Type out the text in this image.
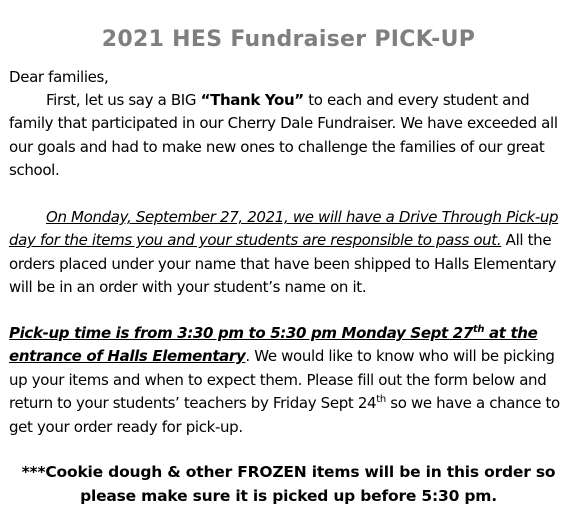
2021 HES Fundraiser PICK-UP

Dear families,

First, let us say a BIG “Thank You” to each and every student and family that participated in our Cherry Dale Fundraiser. We have exceeded all our goals and had to make new ones to challenge the families of our great school.

On Monday, September 27, 2021, we will have a Drive Through Pick-up day for the items you and your students are responsible to pass out. All the orders placed under your name that have been shipped to Halls Elementary will be in an order with your student’s name on it.

Pick-up time is from 3:30 pm to 5:30 pm Monday Sept 27th at the entrance of Halls Elementary. We would like to know who will be picking up your items and when to expect them. Please fill out the form below and return to your students’ teachers by Friday Sept 24th so we have a chance to get your order ready for pick-up.

***Cookie dough & other FROZEN items will be in this order so
please make sure it is picked up before 5:30 pm.
